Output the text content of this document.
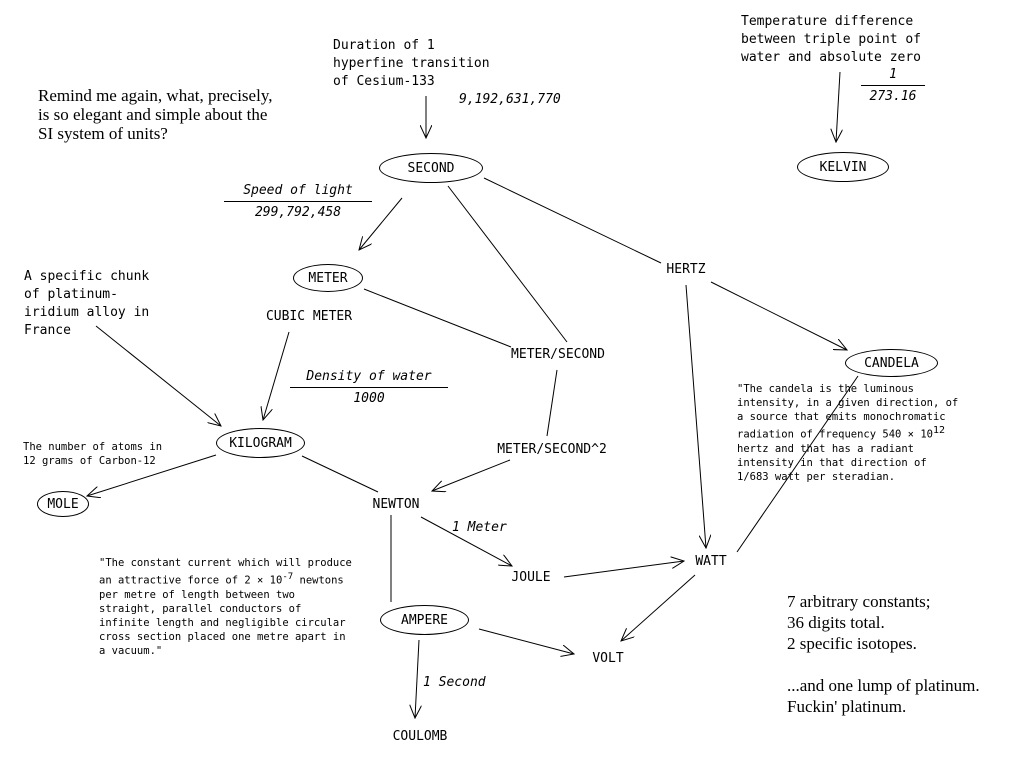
Remind me again, what, precisely,
is so elegant and simple about the
SI system of units?
Duration of 1
hyperfine transition
of Cesium-133
9,192,631,770
Temperature difference
between triple point of
water and absolute zero
1
273.16
Speed of light
299,792,458
A specific chunk
of platinum-
iridium alloy in
France
Density of water
1000
The number of atoms in
12 grams of Carbon-12
"The candela is the luminous
intensity, in a given direction, of
a source that emits monochromatic
radiation of frequency $540 \times 10^{12}$
hertz and that has a radiant
intensity in that direction of
1/683 watt per steradian.
"The constant current which will produce
an attractive force of $2 \times 10^{-7}$ newtons
per metre of length between two
straight, parallel conductors of
infinite length and negligible circular
cross section placed one metre apart in
a vacuum."
1 Meter
1 Second
SECOND	KELVIN
METER
CANDELA
KILOGRAM
MOLE
AMPERE
CUBIC METER
HERTZ
METER/SECOND
METER/SECOND^2
NEWTON
WATT
JOULE
VOLT
COULOMB
7 arbitrary constants;
36 digits total.
2 specific isotopes.
...and one lump of platinum.
Fuckin' platinum.
